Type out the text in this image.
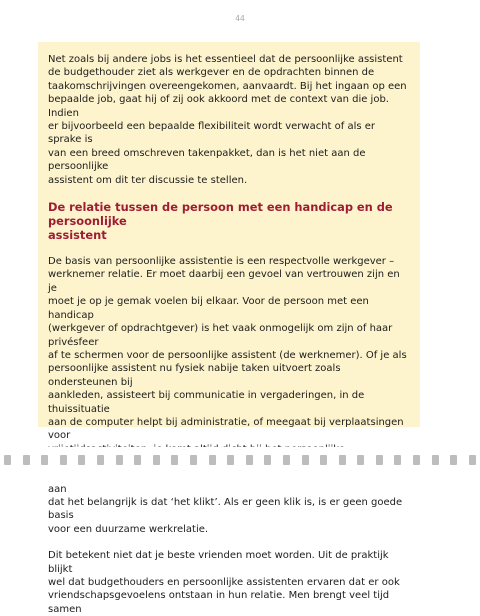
44

Net zoals bij andere jobs is het essentieel dat de persoonlijke assistent
de budgethouder ziet als werkgever en de opdrachten binnen de
taakomschrijvingen overeengekomen, aanvaardt. Bij het ingaan op een
bepaalde job, gaat hij of zij ook akkoord met de context van die job. Indien
er bijvoorbeeld een bepaalde flexibiliteit wordt verwacht of als er sprake is
van een breed omschreven takenpakket, dan is het niet aan de persoonlijke
assistent om dit ter discussie te stellen.

De relatie tussen de persoon met een handicap en de persoonlijke
assistent

De basis van persoonlijke assistentie is een respectvolle werkgever –
werknemer relatie. Er moet daarbij een gevoel van vertrouwen zijn en je
moet je op je gemak voelen bij elkaar. Voor de persoon met een handicap
(werkgever of opdrachtgever) is het vaak onmogelijk om zijn of haar privésfeer
af te schermen voor de persoonlijke assistent (de werknemer). Of je als
persoonlijke assistent nu fysiek nabije taken uitvoert zoals ondersteunen bij
aankleden, assisteert bij communicatie in vergaderingen, in de thuissituatie
aan de computer helpt bij administratie, of meegaat bij verplaatsingen voor

aan
dat het belangrijk is dat ‘het klikt’. Als er geen klik is, is er geen goede basis
voor een duurzame werkrelatie.

Dit betekent niet dat je beste vrienden moet worden. Uit de praktijk blijkt
wel dat budgethouders en persoonlijke assistenten ervaren dat er ook
vriendschapsgevoelens ontstaan in hun relatie. Men brengt veel tijd samen
